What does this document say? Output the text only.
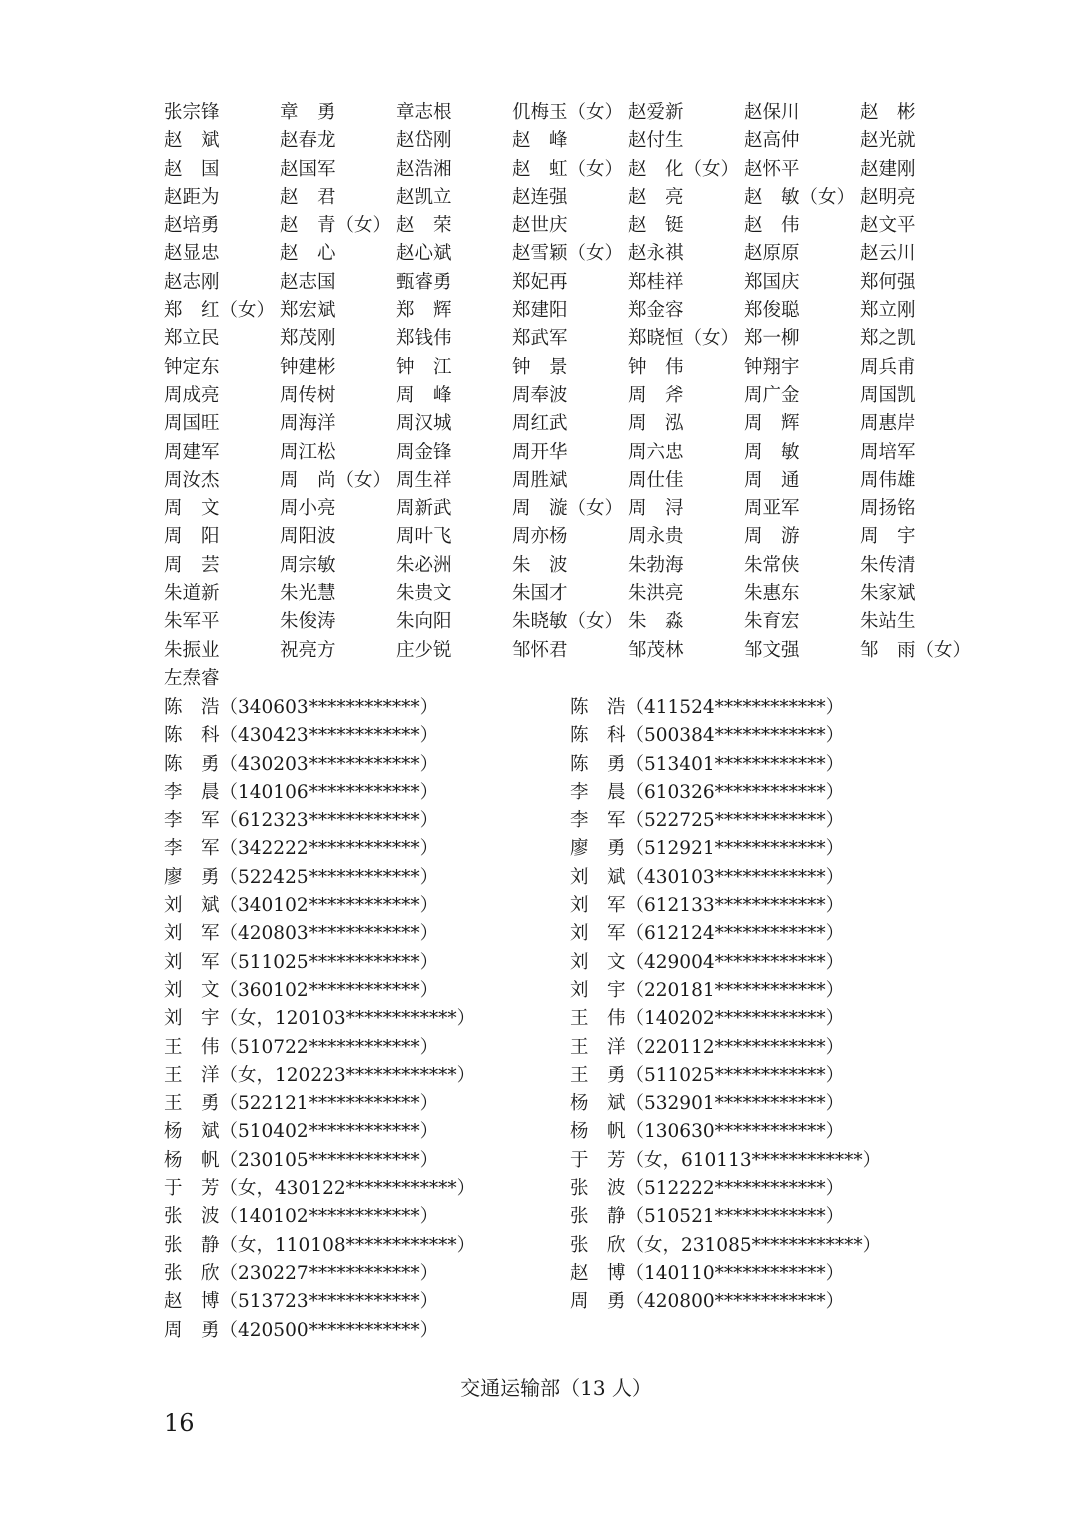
张宗锋	章　勇	章志根	仉梅玉（女） 赵爱新	赵保川	赵　彬
赵　斌	赵春龙	赵岱刚	赵　峰	赵付生	赵高仲	赵光就
赵　国	赵国军	赵浩湘	赵　虹（女） 赵　化（女） 赵怀平	赵建刚
赵距为	赵　君	赵凯立	赵连强	赵　亮	赵　敏（女） 赵明亮
赵培勇	赵　青（女） 赵　荣	赵世庆	赵　铤	赵　伟	赵文平
赵显忠	赵　心	赵心斌	赵雪颖（女） 赵永祺	赵原原	赵云川
赵志刚	赵志国	甄睿勇	郑妃再	郑桂祥	郑国庆	郑何强
郑　红（女） 郑宏斌	郑　辉	郑建阳	郑金容	郑俊聪	郑立刚
郑立民	郑茂刚	郑钱伟	郑武军	郑晓恒（女） 郑一柳	郑之凯
钟定东	钟建彬	钟　江	钟　景	钟　伟	钟翔宇	周兵甫
周成亮	周传树	周　峰	周奉波	周　斧	周广金	周国凯
周国旺	周海洋	周汉城	周红武	周　泓	周　辉	周惠岸
周建军	周江松	周金锋	周开华	周六忠	周　敏	周培军
周汝杰	周　尚（女） 周生祥	周胜斌	周仕佳	周　通	周伟雄
周　文	周小亮	周新武	周　漩（女） 周　浔	周亚军	周扬铭
周　阳	周阳波	周叶飞	周亦杨	周永贵	周　游	周　宇
周　芸	周宗敏	朱必洲	朱　波	朱勃海	朱常侠	朱传清
朱道新	朱光慧	朱贵文	朱国才	朱洪亮	朱惠东	朱家斌
朱军平	朱俊涛	朱向阳	朱晓敏（女） 朱　淼	朱育宏	朱站生
朱振业	祝亮方	庄少锐	邹怀君	邹茂林	邹文强	邹　雨（女）
左焘睿
陈　浩（340603************）	陈　浩（411524************）
陈　科（430423************）	陈　科（500384************）
陈　勇（430203************）	陈　勇（513401************）
李　晨（140106************）	李　晨（610326************）
李　军（612323************）	李　军（522725************）
李　军（342222************）	廖　勇（512921************）
廖　勇（522425************）	刘　斌（430103************）
刘　斌（340102************）	刘　军（612133************）
刘　军（420803************）	刘　军（612124************）
刘　军（511025************）	刘　文（429004************）
刘　文（360102************）	刘　宇（220181************）
刘　宇（女，120103************）	王　伟（140202************）
王　伟（510722************）	王　洋（220112************）
王　洋（女，120223************）	王　勇（511025************）
王　勇（522121************）	杨　斌（532901************）
杨　斌（510402************）	杨　帆（130630************）
杨　帆（230105************）	于　芳（女，610113************）
于　芳（女，430122************）	张　波（512222************）
张　波（140102************）	张　静（510521************）
张　静（女，110108************）	张　欣（女，231085************）
张　欣（230227************）	赵　博（140110************）
赵　博（513723************）	周　勇（420800************）
周　勇（420500************）
交通运输部（13 人）
16
